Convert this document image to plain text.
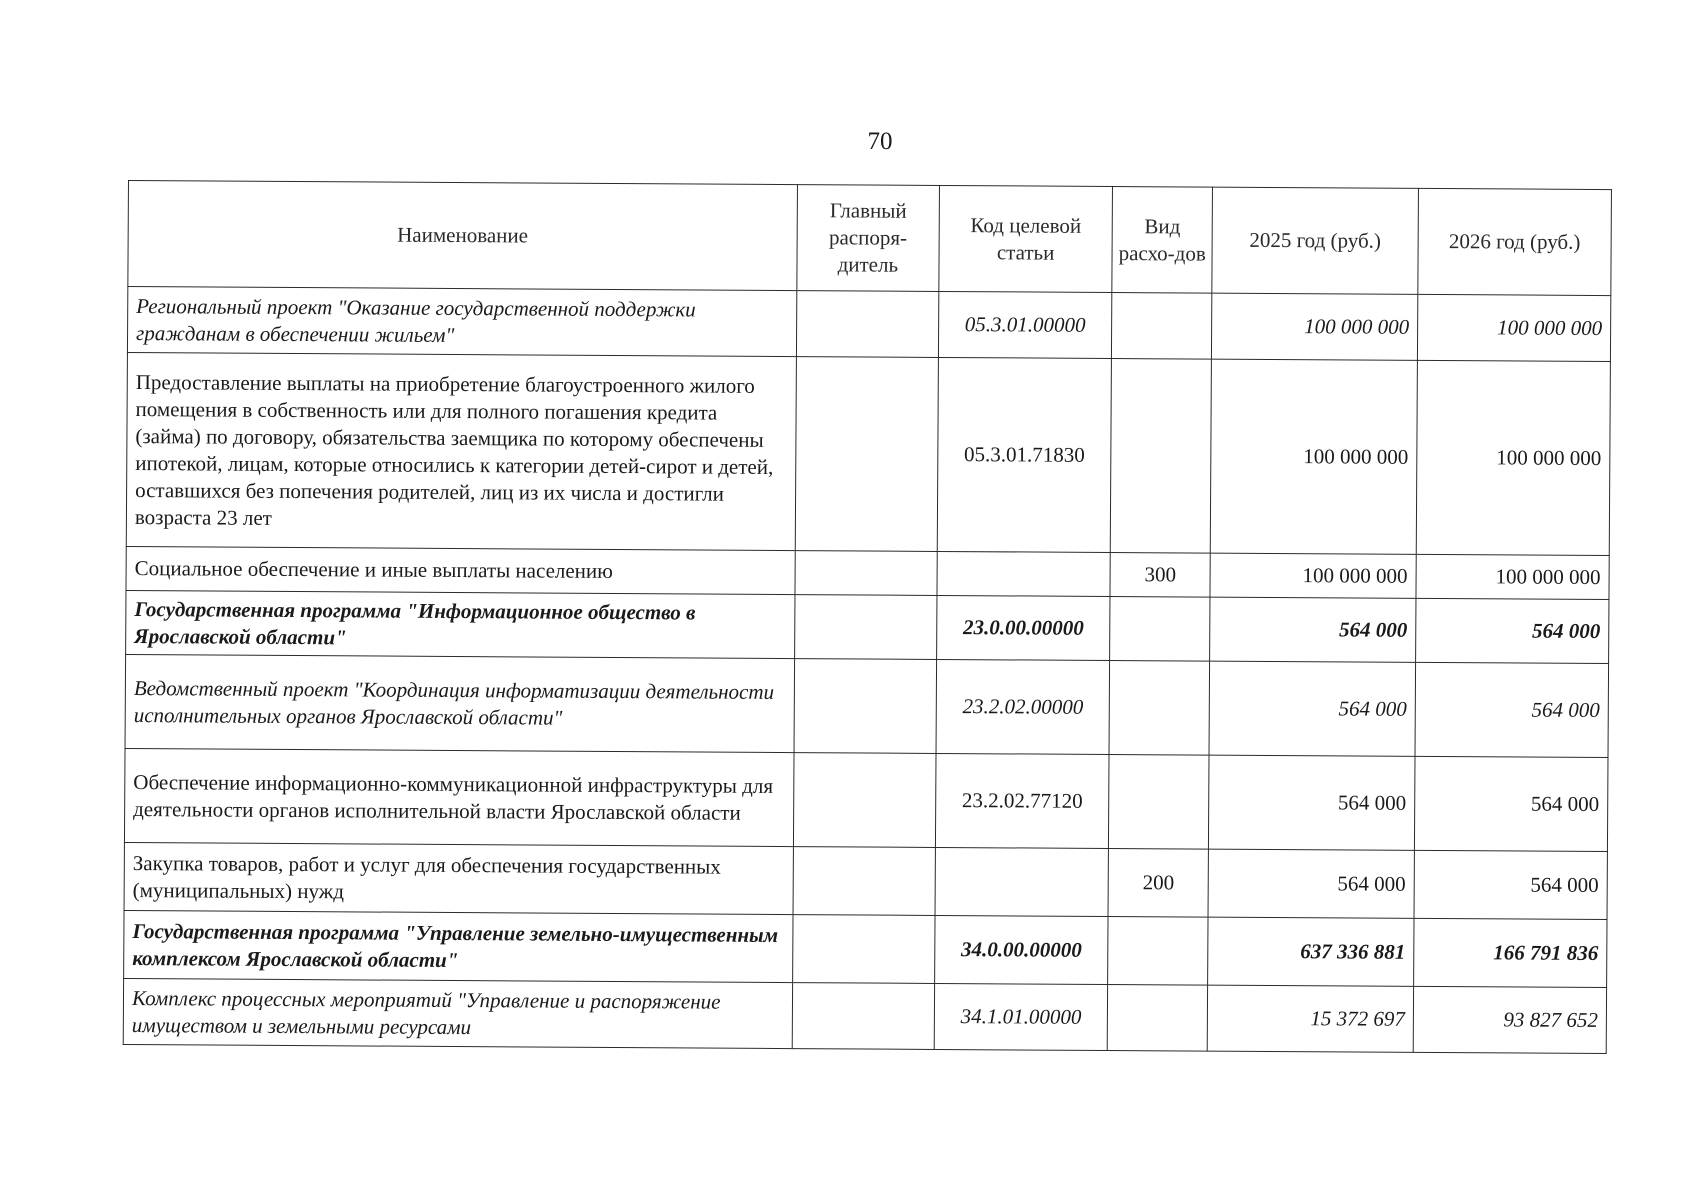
70
Наименование	Главный распоря-дитель	Код целевой статьи	Вид расхо-дов	2025 год (руб.)	2026 год (руб.)
Региональный проект "Оказание государственной поддержки гражданам в обеспечении жильем"		05.3.01.00000		100 000 000	100 000 000
Предоставление выплаты на приобретение благоустроенного жилого помещения в собственность или для полного погашения кредита (займа) по договору, обязательства заемщика по которому обеспечены ипотекой, лицам, которые относились к категории детей-сирот и детей, оставшихся без попечения родителей, лиц из их числа и достигли возраста 23 лет		05.3.01.71830		100 000 000	100 000 000
Социальное обеспечение и иные выплаты населению			300	100 000 000	100 000 000
Государственная программа "Информационное общество в Ярославской области"		23.0.00.00000		564 000	564 000
Ведомственный проект "Координация информатизации деятельности исполнительных органов Ярославской области"		23.2.02.00000		564 000	564 000
Обеспечение информационно-коммуникационной инфраструктуры для деятельности органов исполнительной власти Ярославской области		23.2.02.77120		564 000	564 000
Закупка товаров, работ и услуг для обеспечения государственных (муниципальных) нужд			200	564 000	564 000
Государственная программа "Управление земельно-имущественным комплексом Ярославской области"		34.0.00.00000		637 336 881	166 791 836
Комплекс процессных мероприятий "Управление и распоряжение имуществом и земельными ресурсами		34.1.01.00000		15 372 697	93 827 652
